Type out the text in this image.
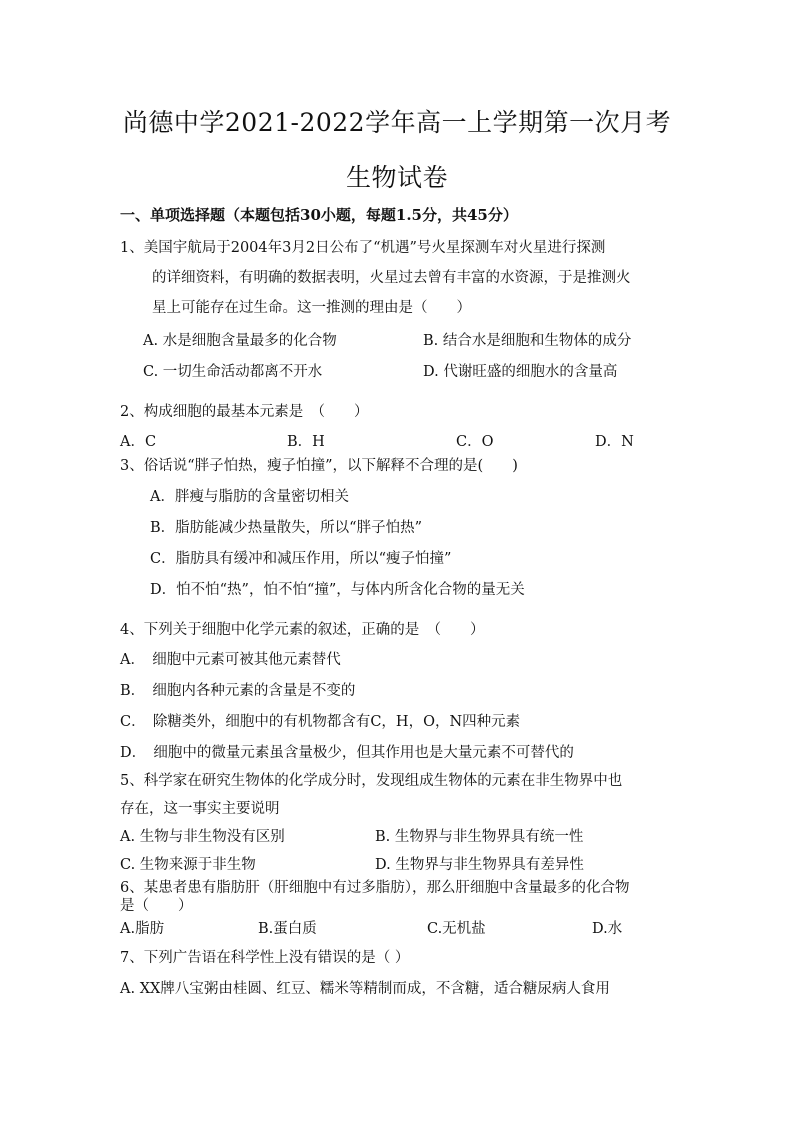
尚德中学2021-2022学年高一上学期第一次月考
生物试卷
一、单项选择题（本题包括30小题，每题1.5分，共45分）
1、美国宇航局于2004年3月2日公布了“机遇”号火星探测车对火星进行探测
的详细资料，有明确的数据表明，火星过去曾有丰富的水资源，于是推测火
星上可能存在过生命。这一推测的理由是（　　）
A. 水是细胞含量最多的化合物	B. 结合水是细胞和生物体的成分
C. 一切生命活动都离不开水	D. 代谢旺盛的细胞水的含量高
2、构成细胞的最基本元素是　（　　）
A．C	B．H	C．O	D．N
3、俗话说“胖子怕热，瘦子怕撞”，以下解释不合理的是(　　)
A．胖瘦与脂肪的含量密切相关
B．脂肪能减少热量散失，所以“胖子怕热”
C．脂肪具有缓冲和减压作用，所以“瘦子怕撞”
D．怕不怕“热”，怕不怕“撞”，与体内所含化合物的量无关
4、下列关于细胞中化学元素的叙述，正确的是　（　　）
A．　细胞中元素可被其他元素替代
B．　细胞内各种元素的含量是不变的
C．　除糖类外，细胞中的有机物都含有C，H，O，N四种元素
D．　细胞中的微量元素虽含量极少，但其作用也是大量元素不可替代的
5、科学家在研究生物体的化学成分时，发现组成生物体的元素在非生物界中也
存在，这一事实主要说明
A. 生物与非生物没有区别	B. 生物界与非生物界具有统一性
C. 生物来源于非生物	D. 生物界与非生物界具有差异性
6、某患者患有脂肪肝（肝细胞中有过多脂肪），那么肝细胞中含量最多的化合物
是（　　）
A.脂肪	B.蛋白质	C.无机盐	D.水
7、下列广告语在科学性上没有错误的是（ ）
A. XX牌八宝粥由桂圆、红豆、糯米等精制而成，不含糖，适合糖尿病人食用
